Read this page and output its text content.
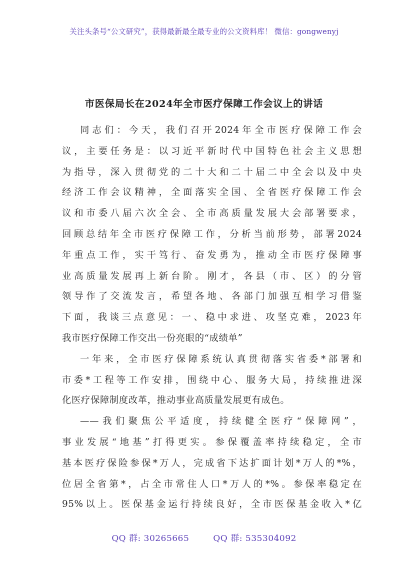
关注头条号“公文研究”，获得最新最全最专业的公文资料库！ 微信：gongwenyj
市医保局长在2024年全市医疗保障工作会议上的讲话
同志们：今天，我们召开2024年全市医疗保障工作会
议，主要任务是：以习近平新时代中国特色社会主义思想
为指导，深入贯彻党的二十大和二十届二中全会以及中央
经济工作会议精神，全面落实全国、全省医疗保障工作会
议和市委八届六次全会、全市高质量发展大会部署要求，
回顾总结年全市医疗保障工作，分析当前形势，部署2024
年重点工作，实干笃行、奋发勇为，推动全市医疗保障事
业高质量发展再上新台阶。刚才，各县（市、区）的分管
领导作了交流发言，希望各地、各部门加强互相学习借鉴
下面，我谈三点意见：一、稳中求进、攻坚克难，2023年
我市医疗保障工作交出一份亮眼的“成绩单”
一年来，全市医疗保障系统认真贯彻落实省委*部署和
市委*工程等工作安排，围绕中心、服务大局，持续推进深
化医疗保障制度改革，推动事业高质量发展更有成色。
——我们聚焦公平适度，持续健全医疗“保障网”，
事业发展“地基”打得更实。参保覆盖率持续稳定，全市
基本医疗保险参保*万人，完成省下达扩面计划*万人的*%，
位居全省第*，占全市常住人口*万人的*%。参保率稳定在
95%以上。医保基金运行持续良好，全市医保基金收入*亿
QQ 群: 30265665	QQ 群: 535304092
